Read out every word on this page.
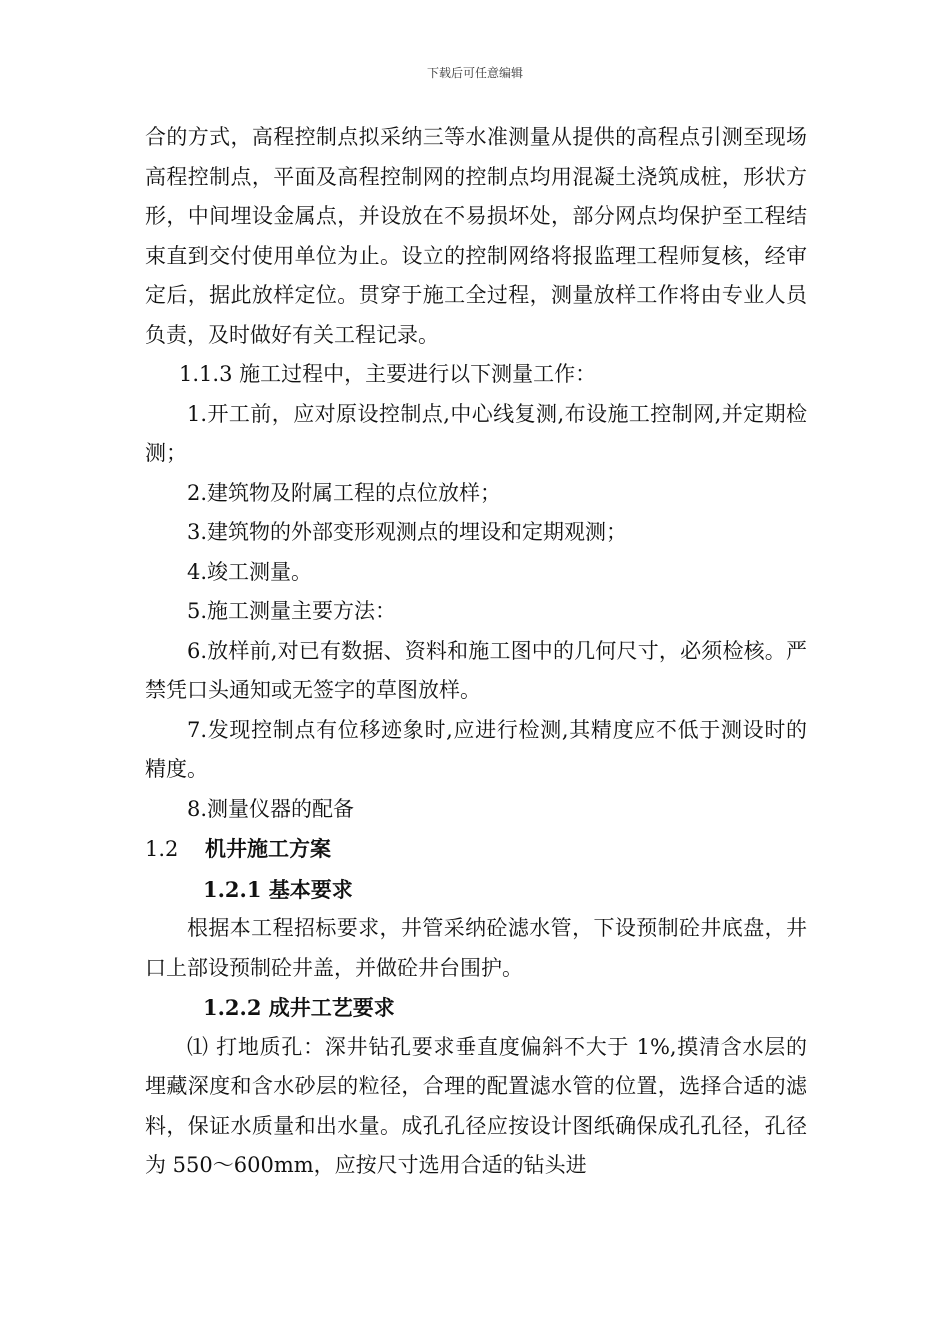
下载后可任意编辑

合的方式，高程控制点拟采纳三等水准测量从提供的高程点引测至现场高程控制点，平面及高程控制网的控制点均用混凝土浇筑成桩，形状方形，中间埋设金属点，并设放在不易损坏处，部分网点均保护至工程结束直到交付使用单位为止。设立的控制网络将报监理工程师复核，经审定后，据此放样定位。贯穿于施工全过程，测量放样工作将由专业人员负责，及时做好有关工程记录。

1.1.3 施工过程中，主要进行以下测量工作：

1.开工前，应对原设控制点,中心线复测,布设施工控制网,并定期检测；

2.建筑物及附属工程的点位放样；

3.建筑物的外部变形观测点的埋设和定期观测；

4.竣工测量。

5.施工测量主要方法：

6.放样前,对已有数据、资料和施工图中的几何尺寸，必须检核。严禁凭口头通知或无签字的草图放样。

7.发现控制点有位移迹象时,应进行检测,其精度应不低于测设时的精度。

8.测量仪器的配备

1.2 机井施工方案
1.2.1 基本要求

根据本工程招标要求，井管采纳砼滤水管，下设预制砼井底盘，井口上部设预制砼井盖，并做砼井台围护。

1.2.2 成井工艺要求

⑴ 打地质孔：深井钻孔要求垂直度偏斜不大于 1%,摸清含水层的埋藏深度和含水砂层的粒径，合理的配置滤水管的位置，选择合适的滤料，保证水质量和出水量。成孔孔径应按设计图纸确保成孔孔径，孔径为 550～600mm，应按尺寸选用合适的钻头进
